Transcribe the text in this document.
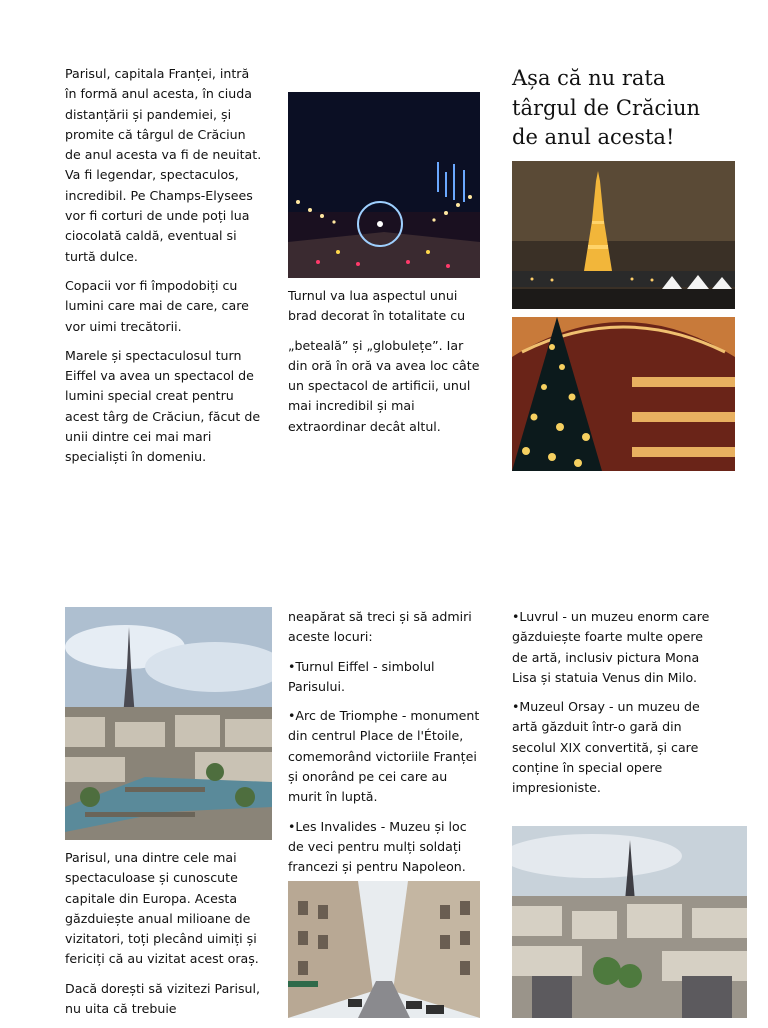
Parisul, capitala Franței, intră în formă anul acesta, în ciuda distanțării și pandemiei, și promite că târgul de Crăciun de anul acesta va fi de neuitat. Va fi legendar, spectaculos, incredibil. Pe Champs-Elysees vor fi corturi de unde poți lua ciocolată caldă, eventual si turtă dulce.

Copacii vor fi împodobiți cu lumini care mai de care, care vor uimi trecătorii.

Marele și spectaculosul turn Eiffel va avea un spectacol de lumini special creat pentru acest târg de Crăciun, făcut de unii dintre cei mai mari specialiști în domeniu.

Turnul va lua aspectul unui brad decorat în totalitate cu

„beteală” și „globulețe”. Iar din oră în oră va avea loc câte un spectacol de artificii, unul mai incredibil și mai extraordinar decât altul.

Așa că nu rata târgul de Crăciun de anul acesta!

Parisul, una dintre cele mai spectaculoase și cunoscute capitale din Europa. Acesta găzduiește anual milioane de vizitatori, toți plecând uimiți și fericiți că au vizitat acest oraș.

Dacă dorești să vizitezi Parisul, nu uita că trebuie

neapărat să treci și să admiri aceste locuri:

•Turnul Eiffel - simbolul Parisului.

•Arc de Triomphe - monument din centrul Place de l'Étoile, comemorând victoriile Franței și onorând pe cei care au murit în luptă.

•Les Invalides - Muzeu și loc de veci pentru mulți soldați francezi și pentru Napoleon.

•Luvrul - un muzeu enorm care găzduiește foarte multe opere de artă, inclusiv pictura Mona Lisa și statuia Venus din Milo.

•Muzeul Orsay - un muzeu de artă găzduit într-o gară din secolul XIX convertită, și care conține în special opere impresioniste.
